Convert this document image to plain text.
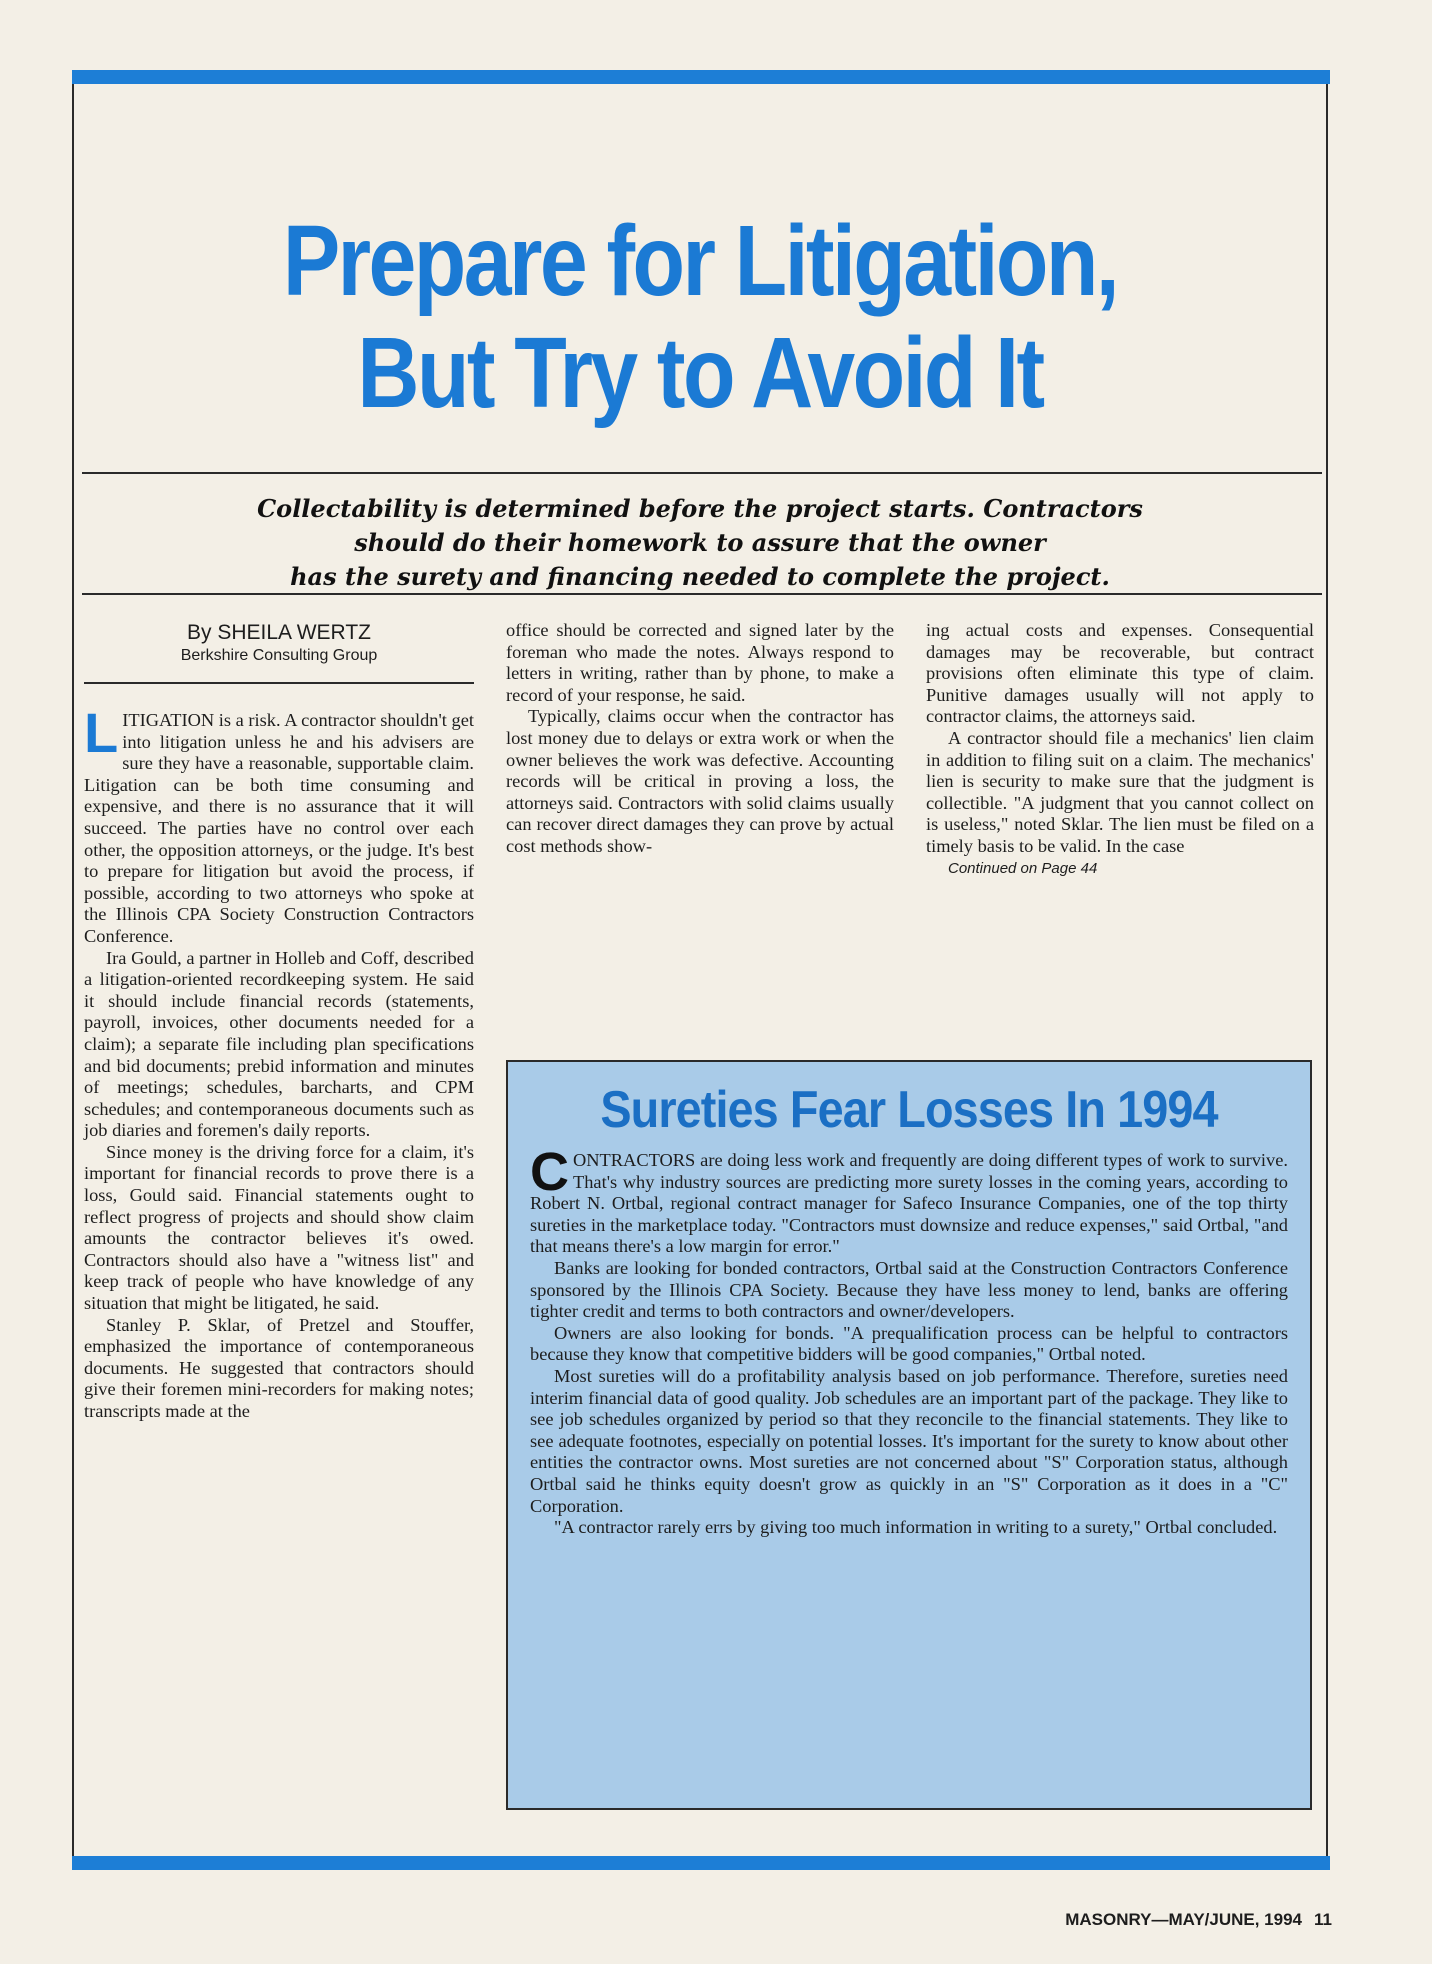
Prepare for Litigation,
But Try to Avoid It
Collectability is determined before the project starts. Contractors
should do their homework to assure that the owner
has the surety and financing needed to complete the project.
By SHEILA WERTZ
Berkshire Consulting Group

LITIGATION is a risk. A contractor shouldn't get into litigation unless he and his advisers are sure they have a reasonable, supportable claim. Litigation can be both time consuming and expensive, and there is no assurance that it will succeed. The parties have no control over each other, the opposition attorneys, or the judge. It's best to prepare for litigation but avoid the process, if possible, according to two attorneys who spoke at the Illinois CPA Society Construction Contractors Conference.

Ira Gould, a partner in Holleb and Coff, described a litigation-oriented recordkeeping system. He said it should include financial records (statements, payroll, invoices, other documents needed for a claim); a separate file including plan specifications and bid documents; prebid information and minutes of meetings; schedules, barcharts, and CPM schedules; and contemporaneous documents such as job diaries and foremen's daily reports.

Since money is the driving force for a claim, it's important for financial records to prove there is a loss, Gould said. Financial statements ought to reflect progress of projects and should show claim amounts the contractor believes it's owed. Contractors should also have a "witness list" and keep track of people who have knowledge of any situation that might be litigated, he said.

Stanley P. Sklar, of Pretzel and Stouffer, emphasized the importance of contemporaneous documents. He suggested that contractors should give their foremen mini-recorders for making notes; transcripts made at the

office should be corrected and signed later by the foreman who made the notes. Always respond to letters in writing, rather than by phone, to make a record of your response, he said.

Typically, claims occur when the contractor has lost money due to delays or extra work or when the owner believes the work was defective. Accounting records will be critical in proving a loss, the attorneys said. Contractors with solid claims usually can recover direct damages they can prove by actual cost methods show-

ing actual costs and expenses. Consequential damages may be recoverable, but contract provisions often eliminate this type of claim. Punitive damages usually will not apply to contractor claims, the attorneys said.

A contractor should file a mechanics' lien claim in addition to filing suit on a claim. The mechanics' lien is security to make sure that the judgment is collectible. "A judgment that you cannot collect on is useless," noted Sklar. The lien must be filed on a timely basis to be valid. In the case

Continued on Page 44

Sureties Fear Losses In 1994

CONTRACTORS are doing less work and frequently are doing different types of work to survive. That's why industry sources are predicting more surety losses in the coming years, according to Robert N. Ortbal, regional contract manager for Safeco Insurance Companies, one of the top thirty sureties in the marketplace today. "Contractors must downsize and reduce expenses," said Ortbal, "and that means there's a low margin for error."

Banks are looking for bonded contractors, Ortbal said at the Construction Contractors Conference sponsored by the Illinois CPA Society. Because they have less money to lend, banks are offering tighter credit and terms to both contractors and owner/developers.

Owners are also looking for bonds. "A prequalification process can be helpful to contractors because they know that competitive bidders will be good companies," Ortbal noted.

Most sureties will do a profitability analysis based on job performance. Therefore, sureties need interim financial data of good quality. Job schedules are an important part of the package. They like to see job schedules organized by period so that they reconcile to the financial statements. They like to see adequate footnotes, especially on potential losses. It's important for the surety to know about other entities the contractor owns. Most sureties are not concerned about "S" Corporation status, although Ortbal said he thinks equity doesn't grow as quickly in an "S" Corporation as it does in a "C" Corporation.

"A contractor rarely errs by giving too much information in writing to a surety," Ortbal concluded.

MASONRY—MAY/JUNE, 1994 11
